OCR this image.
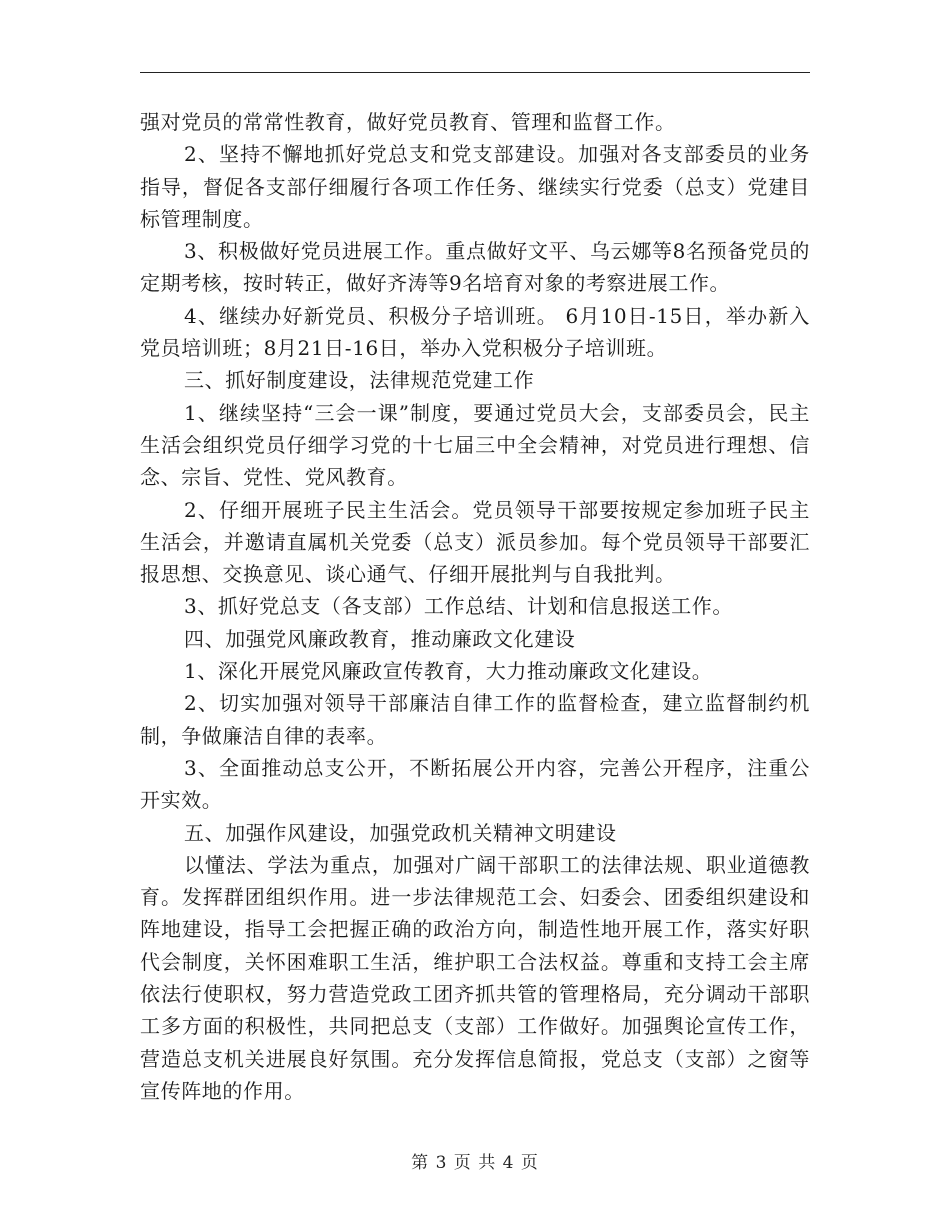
强对党员的常常性教育，做好党员教育、管理和监督工作。

2、坚持不懈地抓好党总支和党支部建设。加强对各支部委员的业务指导，督促各支部仔细履行各项工作任务、继续实行党委（总支）党建目标管理制度。

3、积极做好党员进展工作。重点做好文平、乌云娜等8名预备党员的定期考核，按时转正，做好齐涛等9名培育对象的考察进展工作。

4、继续办好新党员、积极分子培训班。 6月10日-15日，举办新入党员培训班；8月21日-16日，举办入党积极分子培训班。

三、抓好制度建设，法律规范党建工作

1、继续坚持“三会一课”制度，要通过党员大会，支部委员会，民主生活会组织党员仔细学习党的十七届三中全会精神，对党员进行理想、信念、宗旨、党性、党风教育。

2、仔细开展班子民主生活会。党员领导干部要按规定参加班子民主生活会，并邀请直属机关党委（总支）派员参加。每个党员领导干部要汇报思想、交换意见、谈心通气、仔细开展批判与自我批判。

3、抓好党总支（各支部）工作总结、计划和信息报送工作。

四、加强党风廉政教育，推动廉政文化建设

1、深化开展党风廉政宣传教育，大力推动廉政文化建设。

2、切实加强对领导干部廉洁自律工作的监督检查，建立监督制约机制，争做廉洁自律的表率。

3、全面推动总支公开，不断拓展公开内容，完善公开程序，注重公开实效。

五、加强作风建设，加强党政机关精神文明建设

以懂法、学法为重点，加强对广阔干部职工的法律法规、职业道德教育。发挥群团组织作用。进一步法律规范工会、妇委会、团委组织建设和阵地建设，指导工会把握正确的政治方向，制造性地开展工作，落实好职代会制度，关怀困难职工生活，维护职工合法权益。尊重和支持工会主席依法行使职权，努力营造党政工团齐抓共管的管理格局，充分调动干部职工多方面的积极性，共同把总支（支部）工作做好。加强舆论宣传工作，营造总支机关进展良好氛围。充分发挥信息简报，党总支（支部）之窗等宣传阵地的作用。

第 3 页 共 4 页
